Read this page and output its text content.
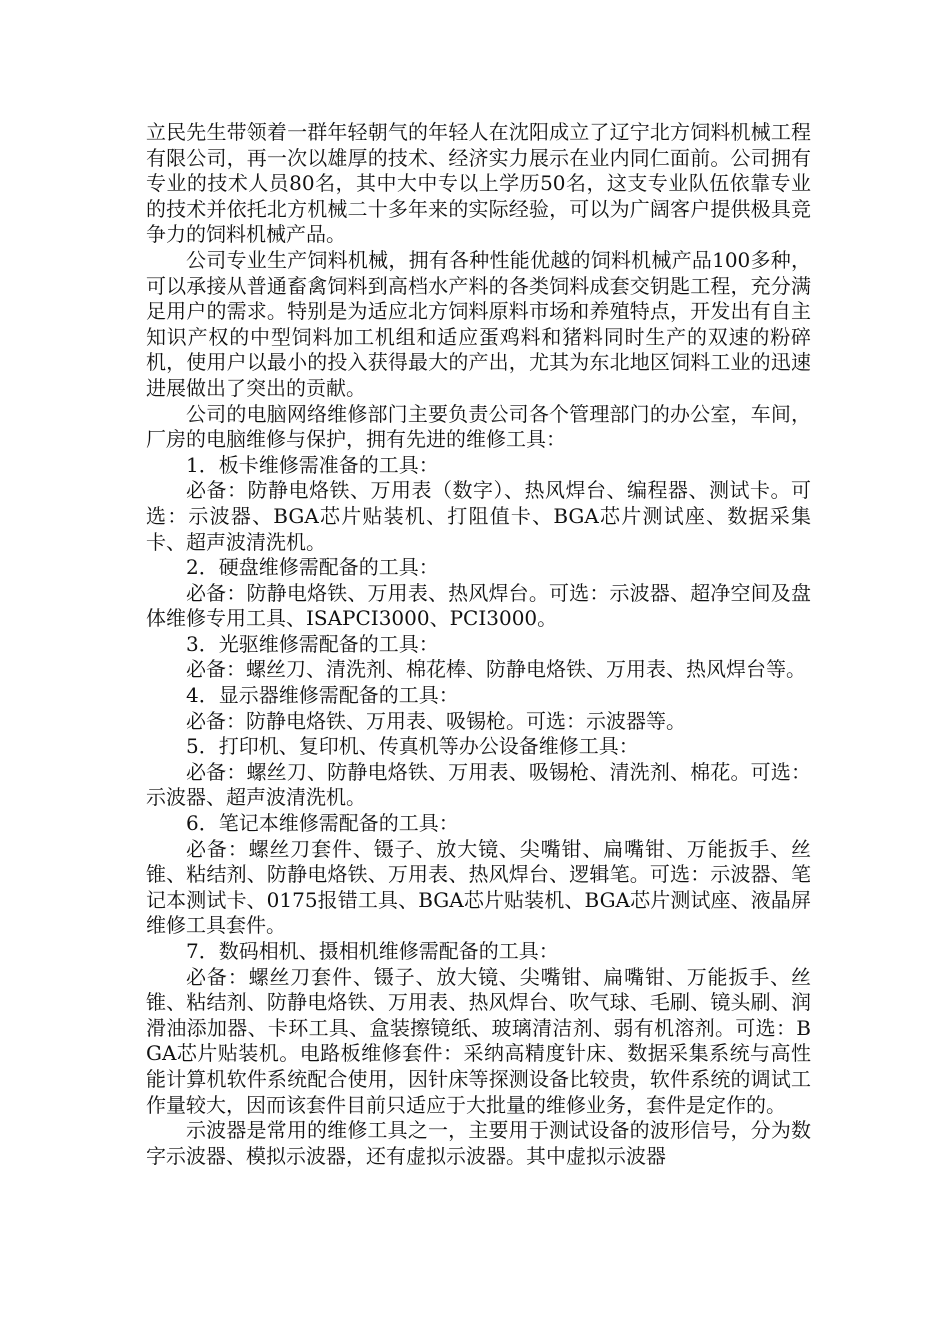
立民先生带领着一群年轻朝气的年轻人在沈阳成立了辽宁北方饲料机械工程有限公司，再一次以雄厚的技术、经济实力展示在业内同仁面前。公司拥有专业的技术人员80名，其中大中专以上学历50名，这支专业队伍依靠专业的技术并依托北方机械二十多年来的实际经验，可以为广阔客户提供极具竞争力的饲料机械产品。

公司专业生产饲料机械，拥有各种性能优越的饲料机械产品100多种，可以承接从普通畜禽饲料到高档水产料的各类饲料成套交钥匙工程，充分满足用户的需求。特别是为适应北方饲料原料市场和养殖特点，开发出有自主知识产权的中型饲料加工机组和适应蛋鸡料和猪料同时生产的双速的粉碎机，使用户以最小的投入获得最大的产出，尤其为东北地区饲料工业的迅速进展做出了突出的贡献。

公司的电脑网络维修部门主要负责公司各个管理部门的办公室，车间，厂房的电脑维修与保护，拥有先进的维修工具：

1．板卡维修需准备的工具：

必备：防静电烙铁、万用表（数字）、热风焊台、编程器、测试卡。可选：示波器、BGA芯片贴装机、打阻值卡、BGA芯片测试座、数据采集卡、超声波清洗机。

2．硬盘维修需配备的工具：

必备：防静电烙铁、万用表、热风焊台。可选：示波器、超净空间及盘体维修专用工具、ISAPCI3000、PCI3000。

3．光驱维修需配备的工具：

必备：螺丝刀、清洗剂、棉花棒、防静电烙铁、万用表、热风焊台等。

4．显示器维修需配备的工具：

必备：防静电烙铁、万用表、吸锡枪。可选：示波器等。

5．打印机、复印机、传真机等办公设备维修工具：

必备：螺丝刀、防静电烙铁、万用表、吸锡枪、清洗剂、棉花。可选：示波器、超声波清洗机。

6．笔记本维修需配备的工具：

必备：螺丝刀套件、镊子、放大镜、尖嘴钳、扁嘴钳、万能扳手、丝锥、粘结剂、防静电烙铁、万用表、热风焊台、逻辑笔。可选：示波器、笔记本测试卡、0175报错工具、BGA芯片贴装机、BGA芯片测试座、液晶屏维修工具套件。

7．数码相机、摄相机维修需配备的工具：

必备：螺丝刀套件、镊子、放大镜、尖嘴钳、扁嘴钳、万能扳手、丝锥、粘结剂、防静电烙铁、万用表、热风焊台、吹气球、毛刷、镜头刷、润滑油添加器、卡环工具、盒装擦镜纸、玻璃清洁剂、弱有机溶剂。可选：BGA芯片贴装机。电路板维修套件：采纳高精度针床、数据采集系统与高性能计算机软件系统配合使用，因针床等探测设备比较贵，软件系统的调试工作量较大，因而该套件目前只适应于大批量的维修业务，套件是定作的。

示波器是常用的维修工具之一，主要用于测试设备的波形信号，分为数字示波器、模拟示波器，还有虚拟示波器。其中虚拟示波器
